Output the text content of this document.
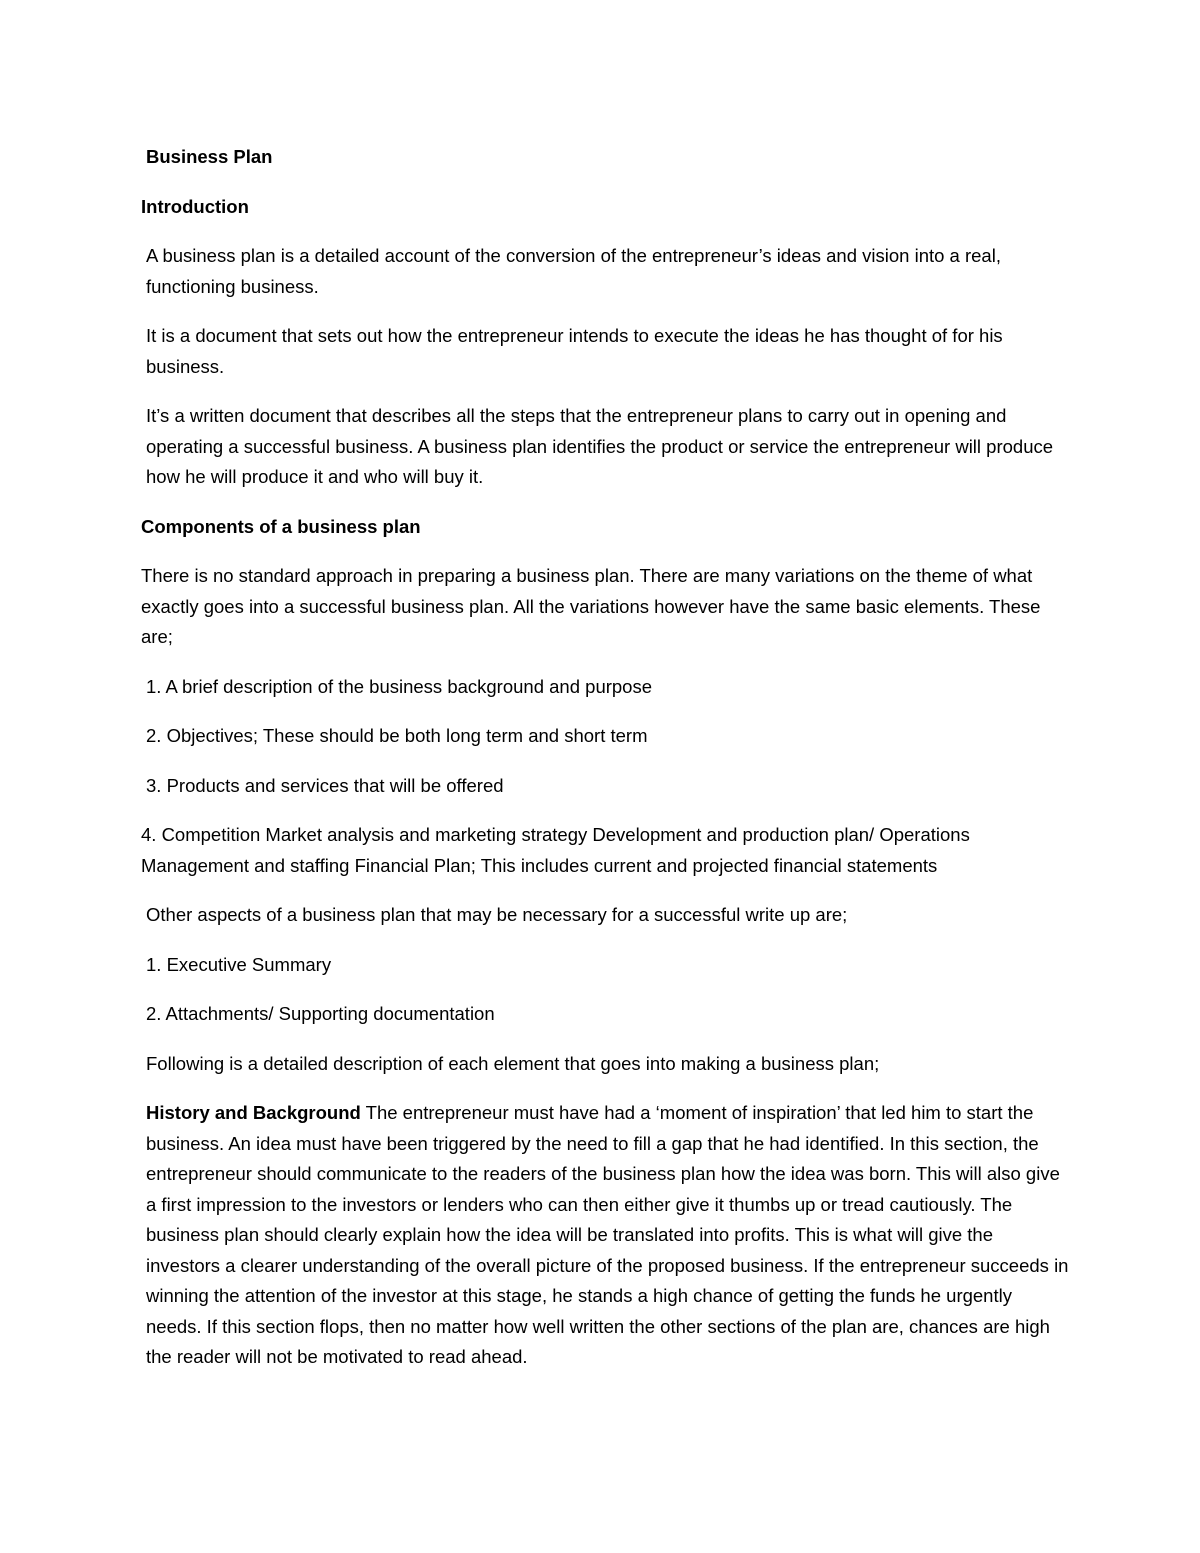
Business Plan
Introduction
A business plan is a detailed account of the conversion of the entrepreneur’s ideas and vision into a real, functioning business.
It is a document that sets out how the entrepreneur intends to execute the ideas he has thought of for his business.
It’s a written document that describes all the steps that the entrepreneur plans to carry out in opening and operating a successful business. A business plan identifies the product or service the entrepreneur will produce how he will produce it and who will buy it.
Components of a business plan
There is no standard approach in preparing a business plan. There are many variations on the theme of what exactly goes into a successful business plan. All the variations however have the same basic elements. These are;
1. A brief description of the business background and purpose
2. Objectives; These should be both long term and short term
3. Products and services that will be offered
4. Competition Market analysis and marketing strategy Development and production plan/ Operations Management and staffing Financial Plan; This includes current and projected financial statements
Other aspects of a business plan that may be necessary for a successful write up are;
1. Executive Summary
2. Attachments/ Supporting documentation
Following is a detailed description of each element that goes into making a business plan;
History and Background The entrepreneur must have had a ‘moment of inspiration’ that led him to start the business. An idea must have been triggered by the need to fill a gap that he had identified. In this section, the entrepreneur should communicate to the readers of the business plan how the idea was born. This will also give a first impression to the investors or lenders who can then either give it thumbs up or tread cautiously. The business plan should clearly explain how the idea will be translated into profits. This is what will give the investors a clearer understanding of the overall picture of the proposed business. If the entrepreneur succeeds in winning the attention of the investor at this stage, he stands a high chance of getting the funds he urgently needs. If this section flops, then no matter how well written the other sections of the plan are, chances are high the reader will not be motivated to read ahead.
